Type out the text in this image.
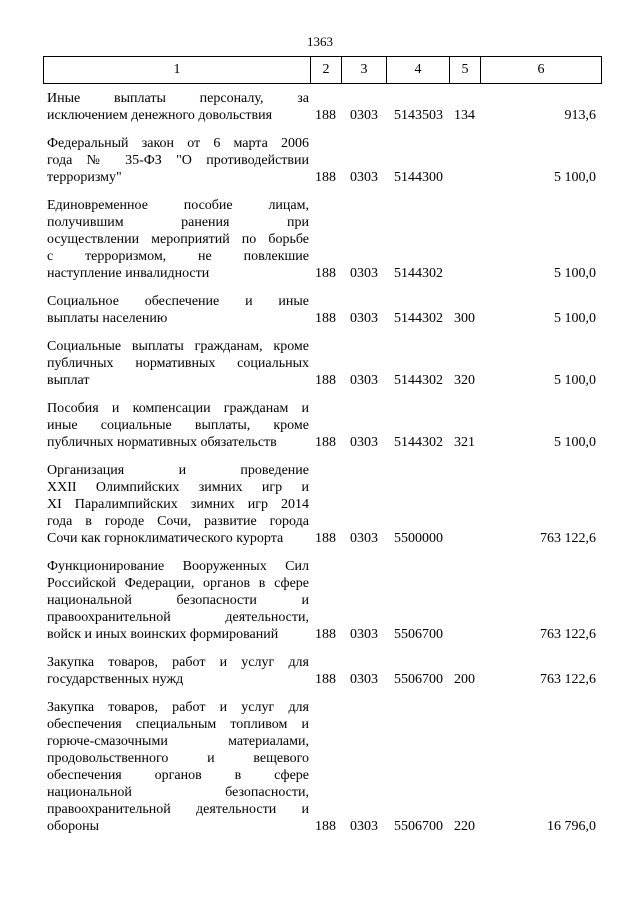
1363
1	2	3	4	5	6
Иные выплаты персоналу, за
исключением денежного довольствия	188 0303 5143503 134	913,6
Федеральный закон от 6 марта 2006
года № 35-ФЗ "О противодействии
терроризму"	188 0303 5144300	5 100,0
Единовременное пособие лицам,
получившим ранения при
осуществлении мероприятий по борьбе
с терроризмом, не повлекшие
наступление инвалидности	188 0303 5144302	5 100,0
Социальное обеспечение и иные
выплаты населению	188 0303 5144302 300	5 100,0
Социальные выплаты гражданам, кроме
публичных нормативных социальных
выплат	188 0303 5144302 320	5 100,0
Пособия и компенсации гражданам и
иные социальные выплаты, кроме
публичных нормативных обязательств	188 0303 5144302 321	5 100,0
Организация и проведение
XXII Олимпийских зимних игр и
XI Паралимпийских зимних игр 2014
года в городе Сочи, развитие города
Сочи как горноклиматического курорта	188 0303 5500000	763 122,6
Функционирование Вооруженных Сил
Российской Федерации, органов в сфере
национальной безопасности и
правоохранительной деятельности,
войск и иных воинских формирований	188 0303 5506700	763 122,6
Закупка товаров, работ и услуг для
государственных нужд	188 0303 5506700 200	763 122,6
Закупка товаров, работ и услуг для
обеспечения специальным топливом и
горюче-смазочными материалами,
продовольственного и вещевого
обеспечения органов в сфере
национальной безопасности,
правоохранительной деятельности и
обороны	188 0303 5506700 220	16 796,0
